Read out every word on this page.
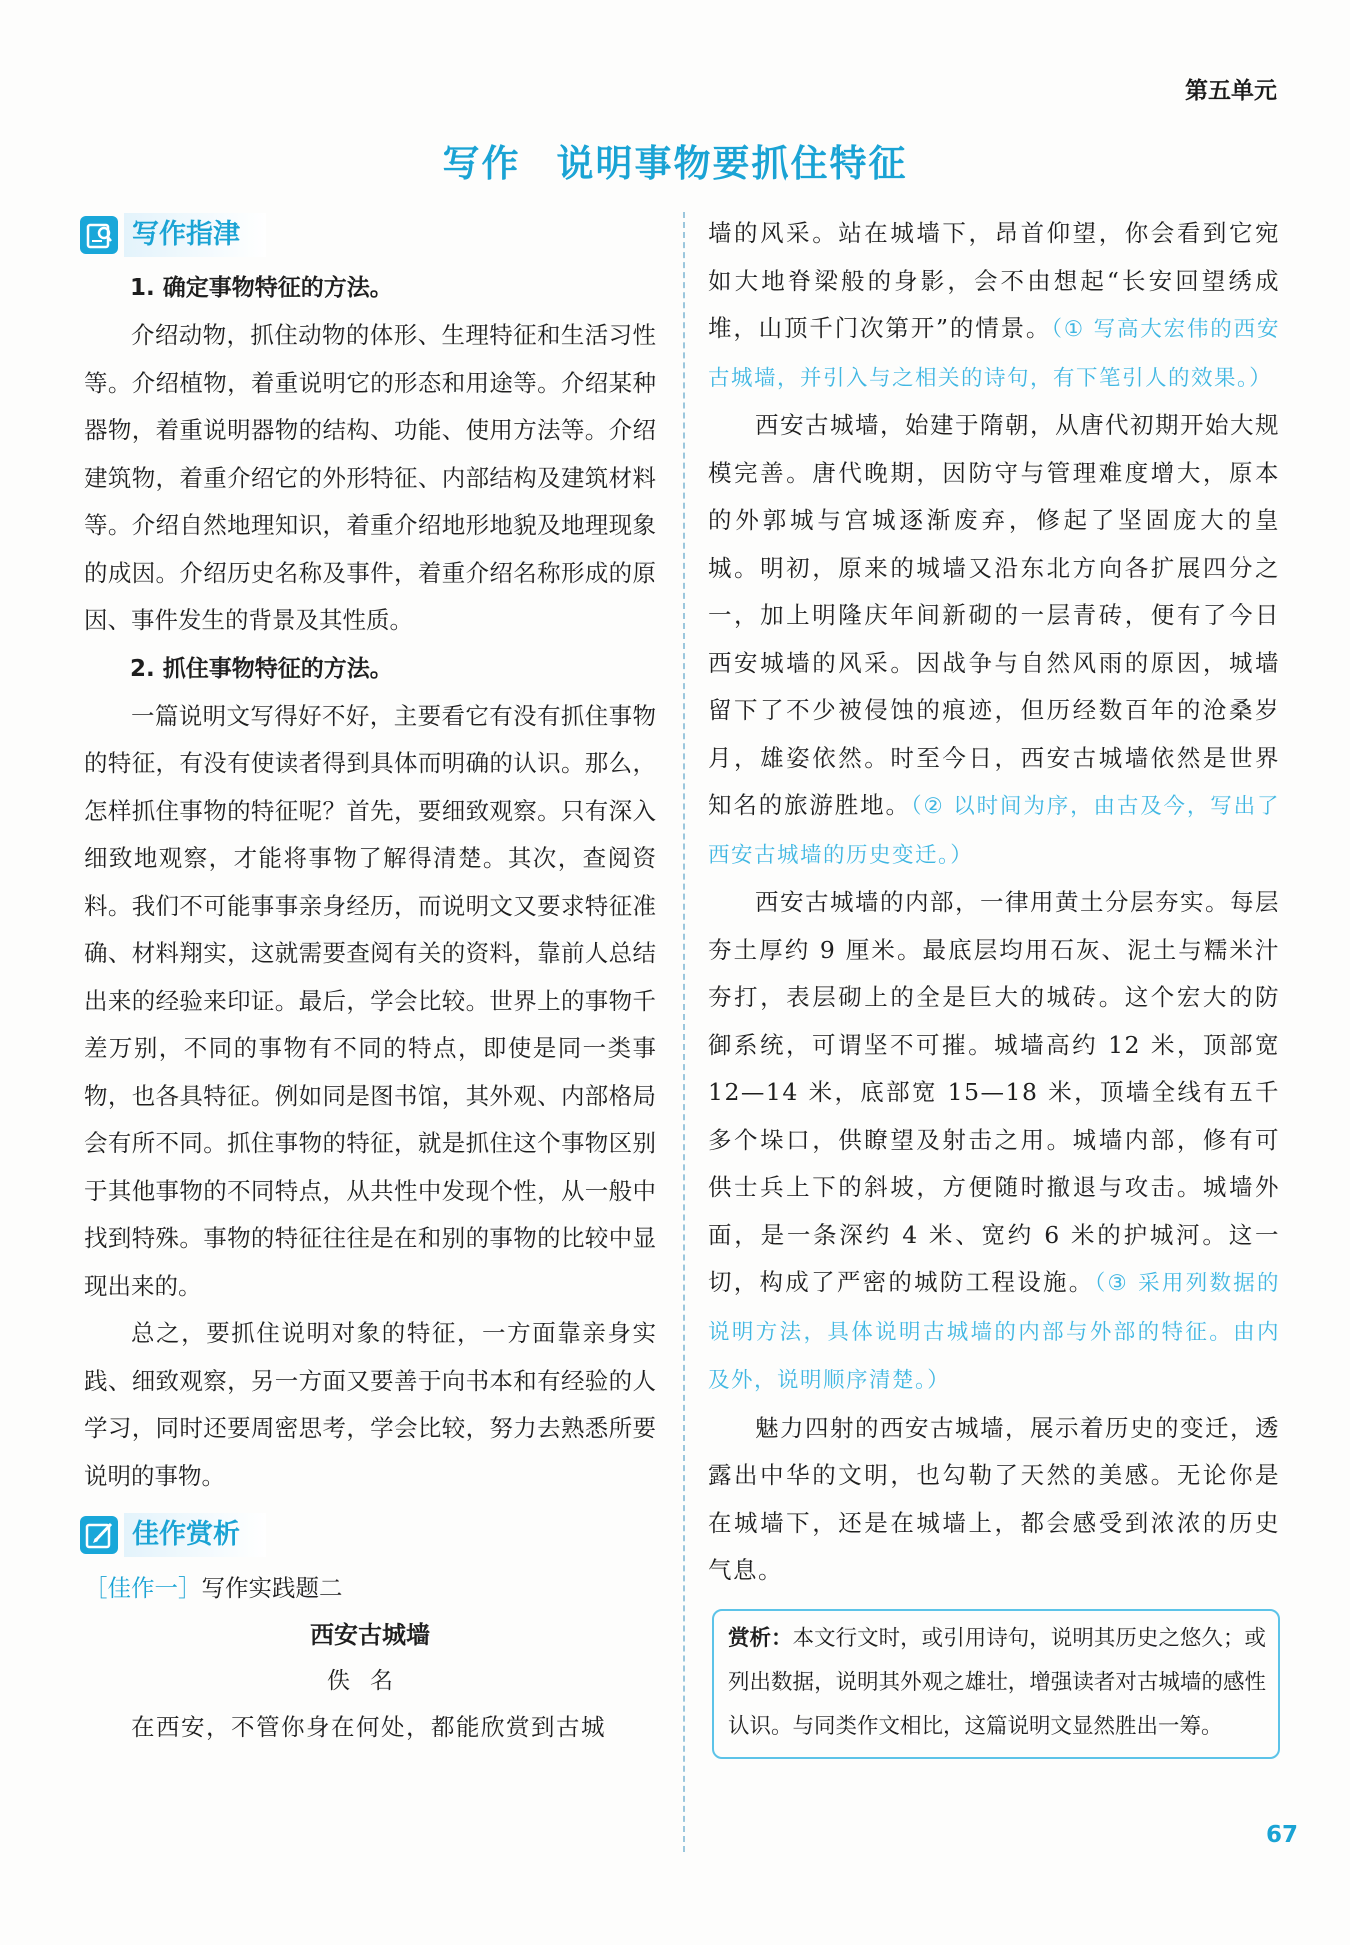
第五单元
写作 说明事物要抓住特征
写作指津
1. 确定事物特征的方法。

介绍动物，抓住动物的体形、生理特征和生活习性等。介绍植物，着重说明它的形态和用途等。介绍某种器物，着重说明器物的结构、功能、使用方法等。介绍建筑物，着重介绍它的外形特征、内部结构及建筑材料等。介绍自然地理知识，着重介绍地形地貌及地理现象的成因。介绍历史名称及事件，着重介绍名称形成的原因、事件发生的背景及其性质。

2. 抓住事物特征的方法。

一篇说明文写得好不好，主要看它有没有抓住事物的特征，有没有使读者得到具体而明确的认识。那么，怎样抓住事物的特征呢？首先，要细致观察。只有深入细致地观察，才能将事物了解得清楚。其次，查阅资料。我们不可能事事亲身经历，而说明文又要求特征准确、材料翔实，这就需要查阅有关的资料，靠前人总结出来的经验来印证。最后，学会比较。世界上的事物千差万别，不同的事物有不同的特点，即使是同一类事物，也各具特征。例如同是图书馆，其外观、内部格局会有所不同。抓住事物的特征，就是抓住这个事物区别于其他事物的不同特点，从共性中发现个性，从一般中找到特殊。事物的特征往往是在和别的事物的比较中显现出来的。

总之，要抓住说明对象的特征，一方面靠亲身实践、细致观察，另一方面又要善于向书本和有经验的人学习，同时还要周密思考，学会比较，努力去熟悉所要说明的事物。

佳作赏析
［佳作一］写作实践题二
西安古城墙
佚名

在西安，不管你身在何处，都能欣赏到古城

墙的风采。站在城墙下，昂首仰望，你会看到它宛如大地脊梁般的身影，会不由想起“长安回望绣成堆，山顶千门次第开”的情景。（① 写高大宏伟的西安古城墙，并引入与之相关的诗句，有下笔引人的效果。）

西安古城墙，始建于隋朝，从唐代初期开始大规模完善。唐代晚期，因防守与管理难度增大，原本的外郭城与宫城逐渐废弃，修起了坚固庞大的皇城。明初，原来的城墙又沿东北方向各扩展四分之一，加上明隆庆年间新砌的一层青砖，便有了今日西安城墙的风采。因战争与自然风雨的原因，城墙留下了不少被侵蚀的痕迹，但历经数百年的沧桑岁月，雄姿依然。时至今日，西安古城墙依然是世界知名的旅游胜地。（② 以时间为序，由古及今，写出了西安古城墙的历史变迁。）

西安古城墙的内部，一律用黄土分层夯实。每层夯土厚约 9 厘米。最底层均用石灰、泥土与糯米汁夯打，表层砌上的全是巨大的城砖。这个宏大的防御系统，可谓坚不可摧。城墙高约 12 米，顶部宽 12—14 米，底部宽 15—18 米，顶墙全线有五千多个垛口，供瞭望及射击之用。城墙内部，修有可供士兵上下的斜坡，方便随时撤退与攻击。城墙外面，是一条深约 4 米、宽约 6 米的护城河。这一切，构成了严密的城防工程设施。（③ 采用列数据的说明方法，具体说明古城墙的内部与外部的特征。由内及外，说明顺序清楚。）

魅力四射的西安古城墙，展示着历史的变迁，透露出中华的文明，也勾勒了天然的美感。无论你是在城墙下，还是在城墙上，都会感受到浓浓的历史气息。

赏析：本文行文时，或引用诗句，说明其历史之悠久；或列出数据，说明其外观之雄壮，增强读者对古城墙的感性认识。与同类作文相比，这篇说明文显然胜出一筹。

67
